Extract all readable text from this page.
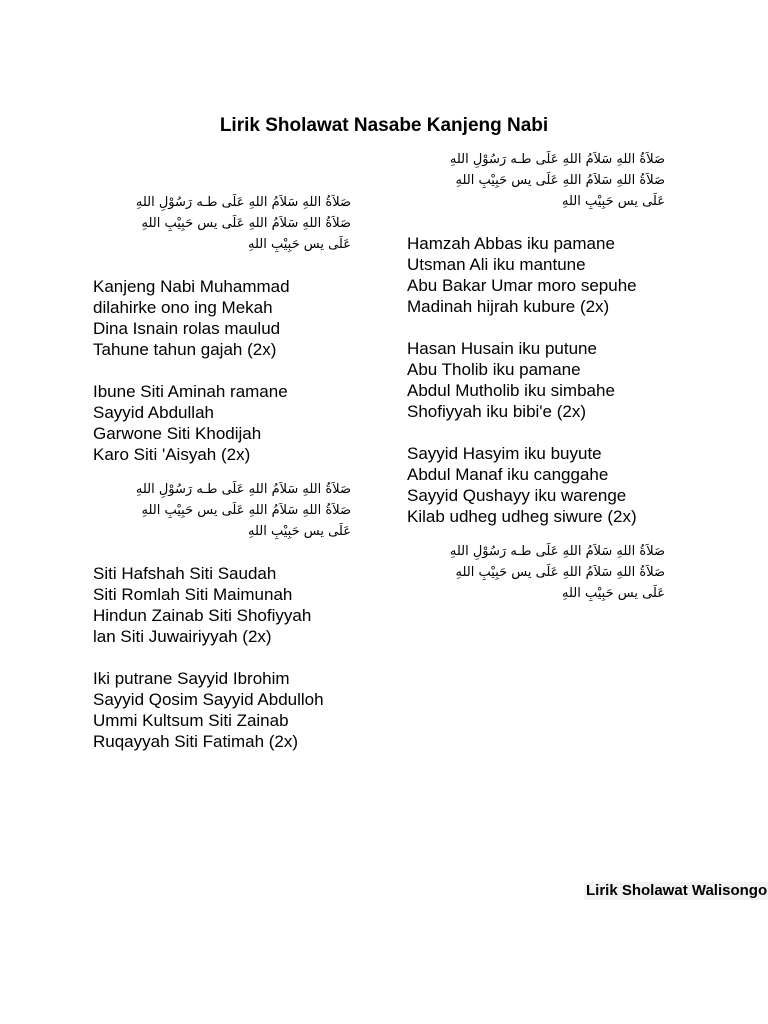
Lirik Sholawat Nasabe Kanjeng Nabi
صَلاَةُ اللهِ سَلاَمُ اللهِ عَلَى طـه رَسُوْلِ اللهِ
صَلاَةُ اللهِ سَلاَمُ اللهِ عَلَى يس حَبِيْبِ اللهِ
عَلَى يس حَبِيْبِ اللهِ
Kanjeng Nabi Muhammad
dilahirke ono ing Mekah
Dina Isnain rolas maulud
Tahune tahun gajah (2x)
Ibune Siti Aminah ramane
Sayyid Abdullah
Garwone Siti Khodijah
Karo Siti 'Aisyah (2x)
صَلاَةُ اللهِ سَلاَمُ اللهِ عَلَى طـه رَسُوْلِ اللهِ
صَلاَةُ اللهِ سَلاَمُ اللهِ عَلَى يس حَبِيْبِ اللهِ
عَلَى يس حَبِيْبِ اللهِ
Siti Hafshah Siti Saudah
Siti Romlah Siti Maimunah
Hindun Zainab Siti Shofiyyah
lan Siti Juwairiyyah (2x)
Iki putrane Sayyid Ibrohim
Sayyid Qosim Sayyid Abdulloh
Ummi Kultsum Siti Zainab
Ruqayyah Siti Fatimah (2x)
صَلاَةُ اللهِ سَلاَمُ اللهِ عَلَى طـه رَسُوْلِ اللهِ
صَلاَةُ اللهِ سَلاَمُ اللهِ عَلَى يس حَبِيْبِ اللهِ
عَلَى يس حَبِيْبِ اللهِ
Hamzah Abbas iku pamane
Utsman Ali iku mantune
Abu Bakar Umar moro sepuhe
Madinah hijrah kubure (2x)
Hasan Husain iku putune
Abu Tholib iku pamane
Abdul Mutholib iku simbahe
Shofiyyah iku bibi'e (2x)
Sayyid Hasyim iku buyute
Abdul Manaf iku canggahe
Sayyid Qushayy iku warenge
Kilab udheg udheg siwure (2x)
صَلاَةُ اللهِ سَلاَمُ اللهِ عَلَى طـه رَسُوْلِ اللهِ
صَلاَةُ اللهِ سَلاَمُ اللهِ عَلَى يس حَبِيْبِ اللهِ
عَلَى يس حَبِيْبِ اللهِ
Lirik Sholawat Walisongo
